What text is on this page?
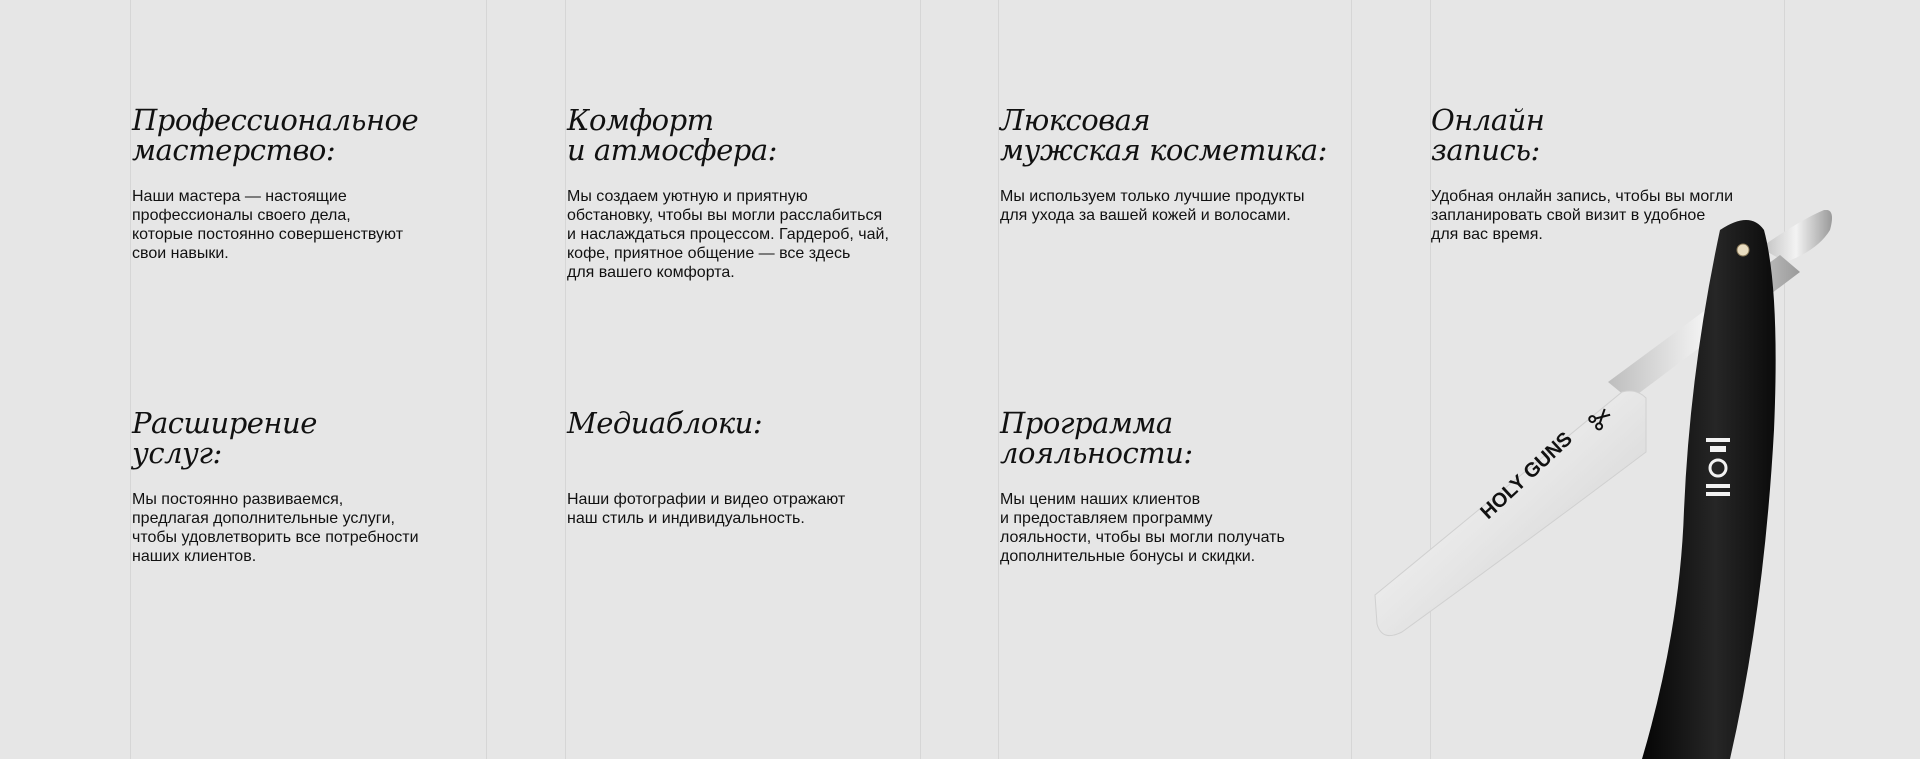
Профессиональное
мастерство:

Наши мастера — настоящие
профессионалы своего дела,
которые постоянно совершенствуют
свои навыки.

Комфорт
и атмосфера:

Мы создаем уютную и приятную
обстановку, чтобы вы могли расслабиться
и наслаждаться процессом. Гардероб, чай,
кофе, приятное общение — все здесь
для вашего комфорта.

Люксовая
мужская косметика:

Мы используем только лучшие продукты
для ухода за вашей кожей и волосами.

Онлайн
запись:

Удобная онлайн запись, чтобы вы могли
запланировать свой визит в удобное
для вас время.

Расширение
услуг:

Мы постоянно развиваемся,
предлагая дополнительные услуги,
чтобы удовлетворить все потребности
наших клиентов.

Медиаблоки:

Наши фотографии и видео отражают
наш стиль и индивидуальность.

Программа
лояльности:

Мы ценим наших клиентов
и предоставляем программу
лояльности, чтобы вы могли получать
дополнительные бонусы и скидки.

HOLY GUNS
